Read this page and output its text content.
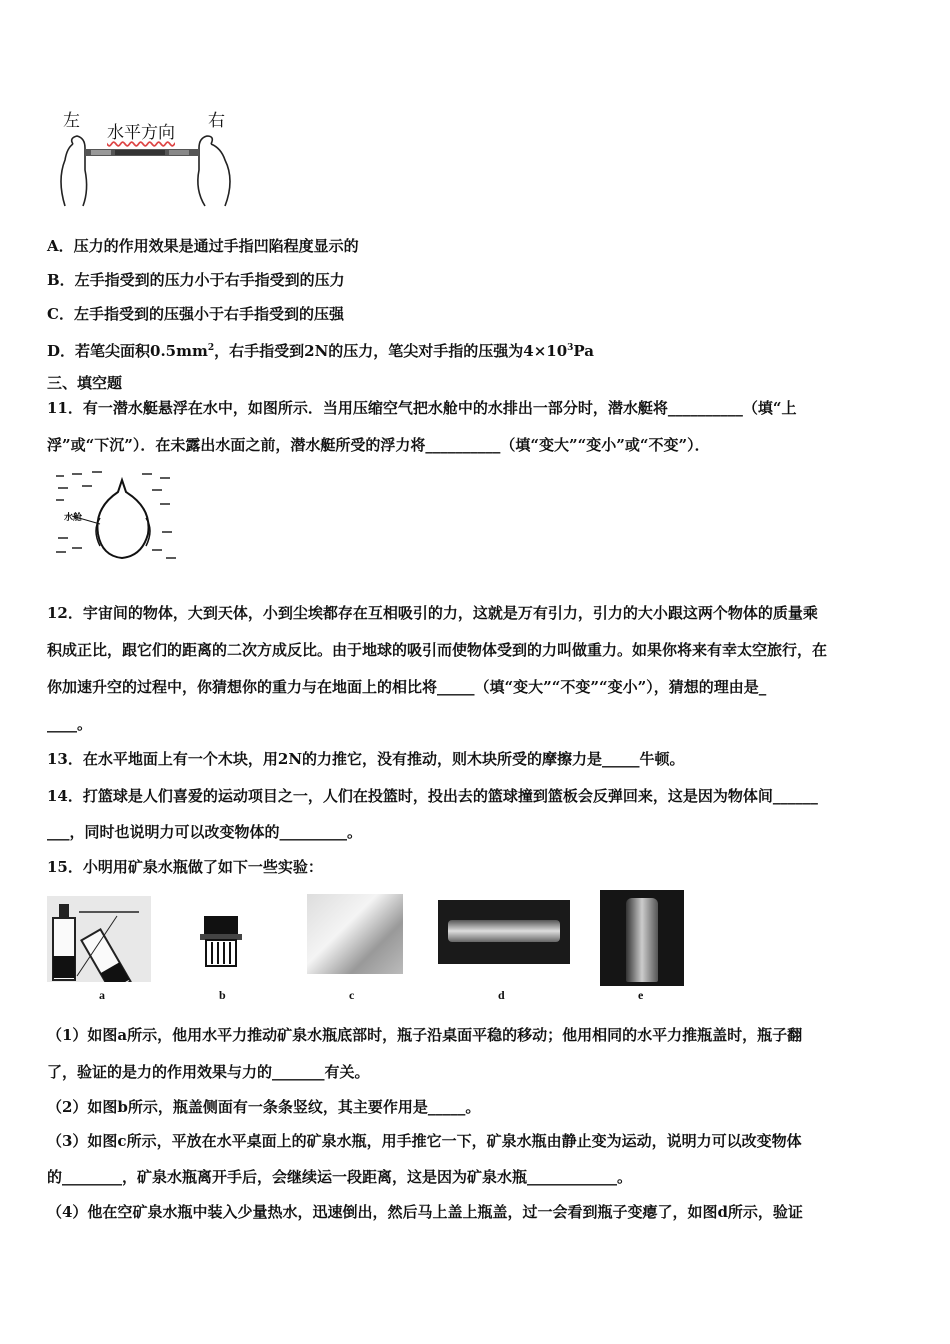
左	右
水平方向
A．压力的作用效果是通过手指凹陷程度显示的
B．左手指受到的压力小于右手指受到的压力
C．左手指受到的压强小于右手指受到的压强
D．若笔尖面积$0.5mm^2$，右手指受到2N的压力，笔尖对手指的压强为$4\times 10^3Pa$
三、填空题
11．有一潜水艇悬浮在水中，如图所示．当用压缩空气把水舱中的水排出一部分时，潜水艇将__________（填“上
浮”或“下沉”）．在未露出水面之前，潜水艇所受的浮力将__________（填“变大”“变小”或“不变”）．
水舱
12．宇宙间的物体，大到天体，小到尘埃都存在互相吸引的力，这就是万有引力，引力的大小跟这两个物体的质量乘
积成正比，跟它们的距离的二次方成反比。由于地球的吸引而使物体受到的力叫做重力。如果你将来有幸太空旅行，在
你加速升空的过程中，你猜想你的重力与在地面上的相比将_____（填“变大”“不变”“变小”），猜想的理由是_
____。
13．在水平地面上有一个木块，用2N的力推它，没有推动，则木块所受的摩擦力是_____牛顿。
14．打篮球是人们喜爱的运动项目之一，人们在投篮时，投出去的篮球撞到篮板会反弹回来，这是因为物体间______
___，同时也说明力可以改变物体的_________。
15．小明用矿泉水瓶做了如下一些实验：
a	b	c	d	e
（1）如图a所示，他用水平力推动矿泉水瓶底部时，瓶子沿桌面平稳的移动；他用相同的水平力推瓶盖时，瓶子翻
了，验证的是力的作用效果与力的_______有关。
（2）如图b所示，瓶盖侧面有一条条竖纹，其主要作用是_____。
（3）如图c所示，平放在水平桌面上的矿泉水瓶，用手推它一下，矿泉水瓶由静止变为运动，说明力可以改变物体
的________，矿泉水瓶离开手后，会继续运一段距离，这是因为矿泉水瓶____________。
（4）他在空矿泉水瓶中装入少量热水，迅速倒出，然后马上盖上瓶盖，过一会看到瓶子变瘪了，如图d所示，验证
